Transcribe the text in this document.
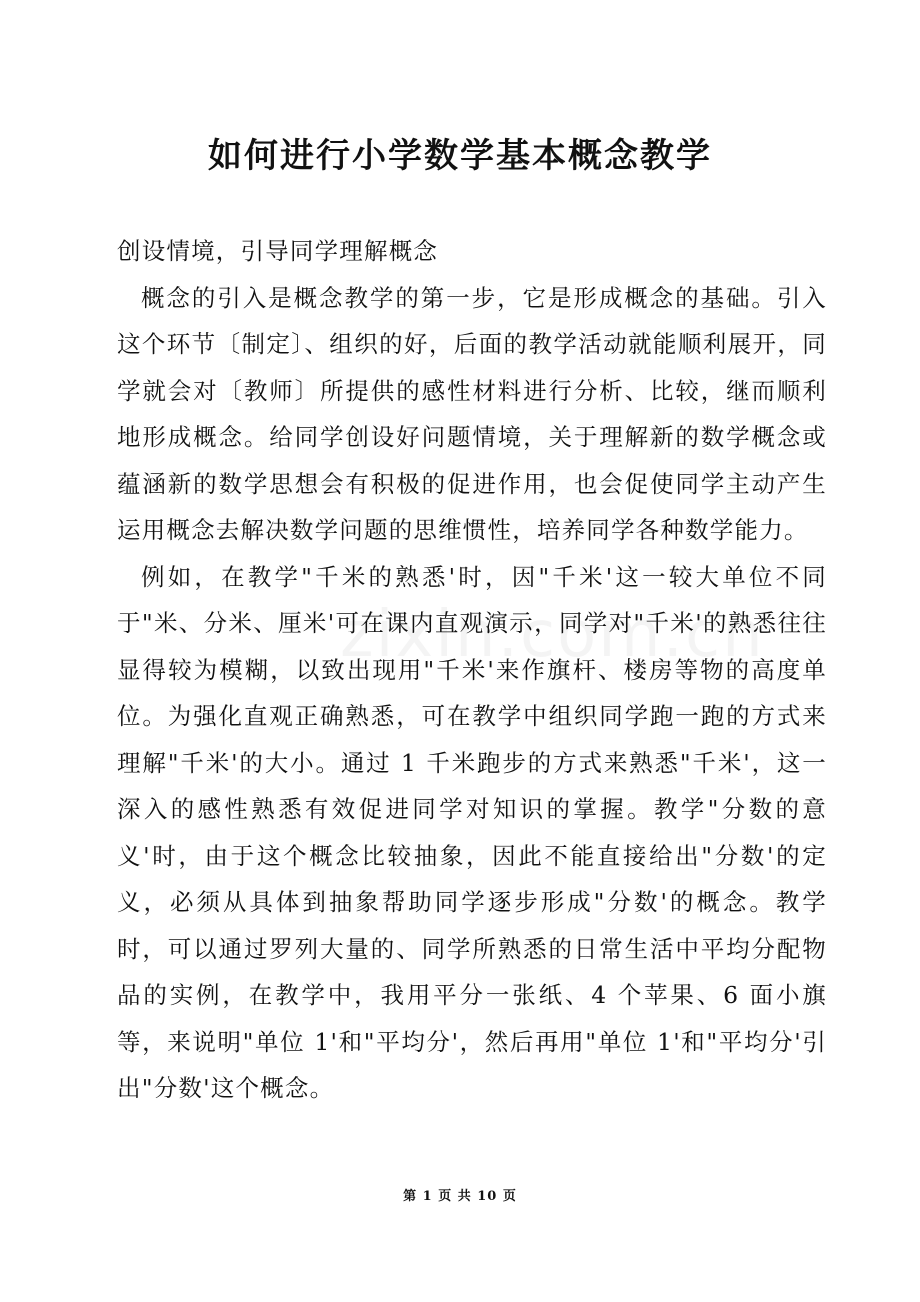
如何进行小学数学基本概念教学

创设情境，引导同学理解概念

概念的引入是概念教学的第一步，它是形成概念的基础。引入这个环节〔制定〕、组织的好，后面的教学活动就能顺利展开，同学就会对〔教师〕所提供的感性材料进行分析、比较，继而顺利地形成概念。给同学创设好问题情境，关于理解新的数学概念或蕴涵新的数学思想会有积极的促进作用，也会促使同学主动产生运用概念去解决数学问题的思维惯性，培养同学各种数学能力。

例如，在教学"千米的熟悉'时，因"千米'这一较大单位不同于"米、分米、厘米'可在课内直观演示，同学对"千米'的熟悉往往显得较为模糊，以致出现用"千米'来作旗杆、楼房等物的高度单位。为强化直观正确熟悉，可在教学中组织同学跑一跑的方式来理解"千米'的大小。通过 1 千米跑步的方式来熟悉"千米'，这一深入的感性熟悉有效促进同学对知识的掌握。教学"分数的意义'时，由于这个概念比较抽象，因此不能直接给出"分数'的定义，必须从具体到抽象帮助同学逐步形成"分数'的概念。教学时，可以通过罗列大量的、同学所熟悉的日常生活中平均分配物品的实例，在教学中，我用平分一张纸、4 个苹果、6 面小旗等，来说明"单位 1'和"平均分'，然后再用"单位 1'和"平均分'引出"分数'这个概念。

第 1 页 共 10 页
